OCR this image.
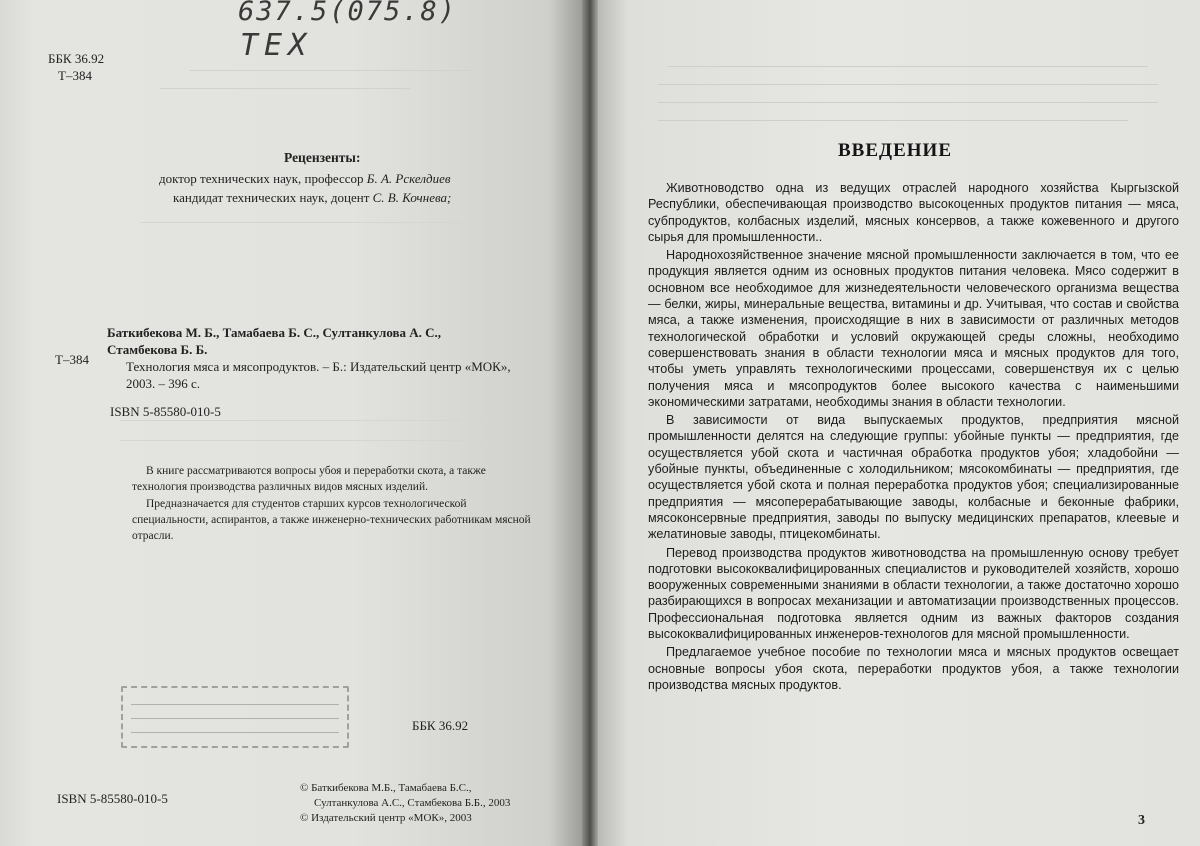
637.5(075.8)
ТЕХ
ББК 36.92
Т–384
Рецензенты:
доктор технических наук, профессор Б. А. Рскелдиев
кандидат технических наук, доцент С. В. Кочнева;
Баткибекова М. Б., Тамабаева Б. С., Султанкулова А. С.,
Стамбекова Б. Б.
Т–384	Технология мяса и мясопродуктов. – Б.: Издательский центр «МОК»,
2003. – 396 с.
ISBN 5-85580-010-5
В книге рассматриваются вопросы убоя и переработки скота, а также технология производства различных видов мясных изделий.
Предназначается для студентов старших курсов технологической специальности, аспирантов, а также инженерно-технических работникам мясной отрасли.
ББК 36.92
ISBN 5-85580-010-5
© Баткибекова М.Б., Тамабаева Б.С.,
Султанкулова А.С., Стамбекова Б.Б., 2003
© Издательский центр «МОК», 2003
ВВЕДЕНИЕ

Животноводство одна из ведущих отраслей народного хозяйства Кыргызской Республики, обеспечивающая производство высокоценных продуктов питания — мяса, субпродуктов, колбасных изделий, мясных консервов, а также кожевенного и другого сырья для промышленности..

Народнохозяйственное значение мясной промышленности заключается в том, что ее продукция является одним из основных продуктов питания человека. Мясо содержит в основном все необходимое для жизнедеятельности человеческого организма вещества — белки, жиры, минеральные вещества, витамины и др. Учитывая, что состав и свойства мяса, а также изменения, происходящие в них в зависимости от различных методов технологической обработки и условий окружающей среды сложны, необходимо совершенствовать знания в области технологии мяса и мясных продуктов для того, чтобы уметь управлять технологическими процессами, совершенствуя их с целью получения мяса и мясопродуктов более высокого качества с наименьшими экономическими затратами, необходимы знания в области технологии.

В зависимости от вида выпускаемых продуктов, предприятия мясной промышленности делятся на следующие группы: убойные пункты — предприятия, где осуществляется убой скота и частичная обработка продуктов убоя; хладобойни — убойные пункты, объединенные с холодильником; мясокомбинаты — предприятия, где осуществляется убой скота и полная переработка продуктов убоя; специализированные предприятия — мясоперерабатывающие заводы, колбасные и беконные фабрики, мясоконсервные предприятия, заводы по выпуску медицинских препаратов, клеевые и желатиновые заводы, птицекомбинаты.

Перевод производства продуктов животноводства на промышленную основу требует подготовки высококвалифицированных специалистов и руководителей хозяйств, хорошо вооруженных современными знаниями в области технологии, а также достаточно хорошо разбирающихся в вопросах механизации и автоматизации производственных процессов. Профессиональная подготовка является одним из важных факторов создания высококвалифицированных инженеров-технологов для мясной промышленности.

Предлагаемое учебное пособие по технологии мяса и мясных продуктов освещает основные вопросы убоя скота, переработки продуктов убоя, а также технологии производства мясных продуктов.

3
